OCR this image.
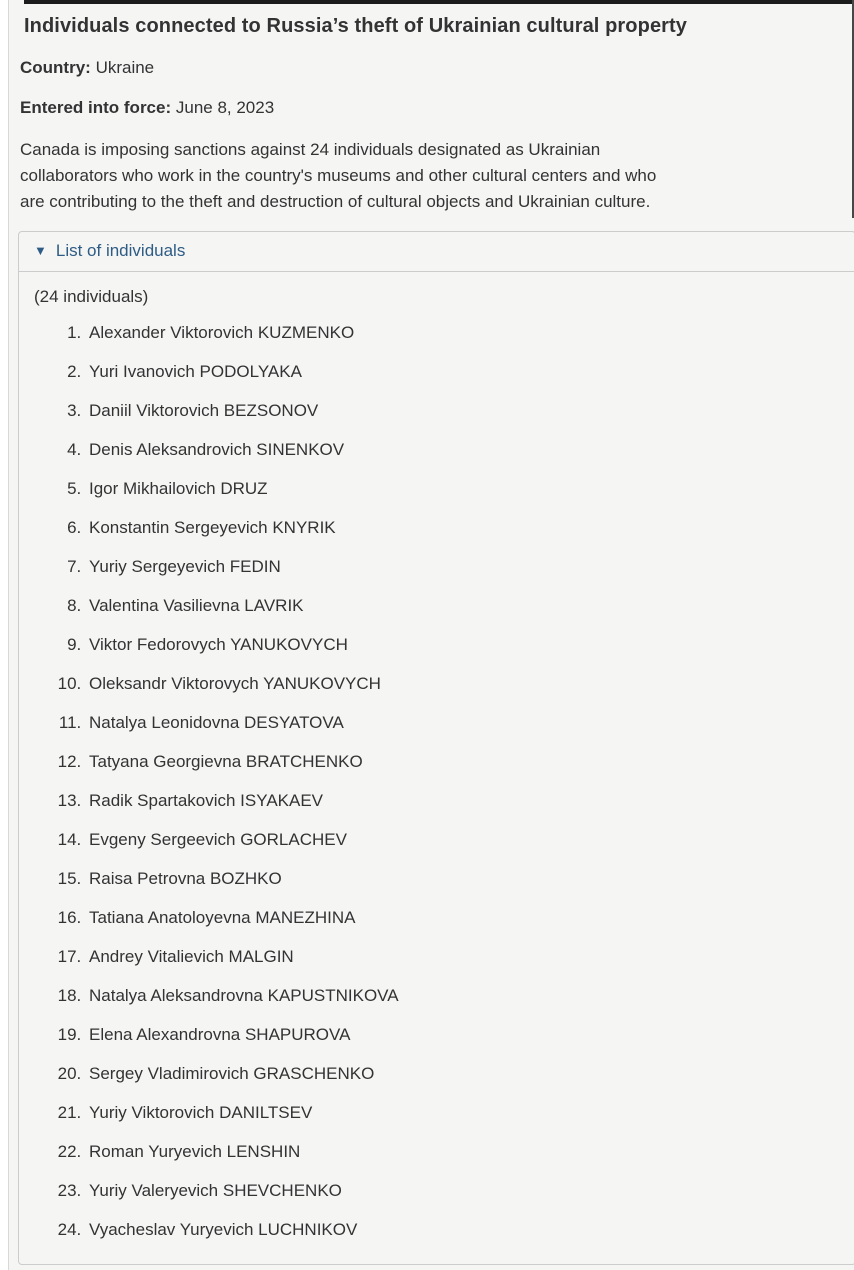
Individuals connected to Russia’s theft of Ukrainian cultural property

Country: Ukraine

Entered into force: June 8, 2023

Canada is imposing sanctions against 24 individuals designated as Ukrainian
collaborators who work in the country's museums and other cultural centers and who
are contributing to the theft and destruction of cultural objects and Ukrainian culture.

▼ List of individuals

(24 individuals)

1. Alexander Viktorovich KUZMENKO
2. Yuri Ivanovich PODOLYAKA
3. Daniil Viktorovich BEZSONOV
4. Denis Aleksandrovich SINENKOV
5. Igor Mikhailovich DRUZ
6. Konstantin Sergeyevich KNYRIK
7. Yuriy Sergeyevich FEDIN
8. Valentina Vasilievna LAVRIK
9. Viktor Fedorovych YANUKOVYCH
10. Oleksandr Viktorovych YANUKOVYCH
11. Natalya Leonidovna DESYATOVA
12. Tatyana Georgievna BRATCHENKO
13. Radik Spartakovich ISYAKAEV
14. Evgeny Sergeevich GORLACHEV
15. Raisa Petrovna BOZHKO
16. Tatiana Anatoloyevna MANEZHINA
17. Andrey Vitalievich MALGIN
18. Natalya Aleksandrovna KAPUSTNIKOVA
19. Elena Alexandrovna SHAPUROVA
20. Sergey Vladimirovich GRASCHENKO
21. Yuriy Viktorovich DANILTSEV
22. Roman Yuryevich LENSHIN
23. Yuriy Valeryevich SHEVCHENKO
24. Vyacheslav Yuryevich LUCHNIKOV
